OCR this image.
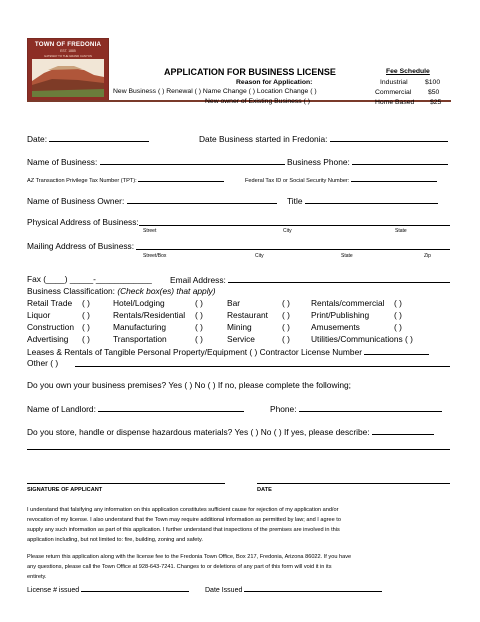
TOWN OF FREDONIA
EST. 1885
GATEWAY TO THE GRAND CANYON
APPLICATION FOR BUSINESS LICENSE
Reason for Application:
New Business ( ) Renewal ( ) Name Change ( ) Location Change ( )
New owner of Existing Business ( )
Fee Schedule
Industrial	$100
Commercial $50
Home Based $25
Date:	Date Business started in Fredonia:
Name of Business:	Business Phone:
AZ Transaction Privilege Tax Number (TPT):	Federal Tax ID or Social Security Number:
Name of Business Owner:	Title
Physical Address of Business:
Street	City	State
Mailing Address of Business:
Street/Box	City	State	Zip
Fax (____) _____-____________ Email Address:
Business Classification: (Check box(es) that apply)
Retail Trade ( )	Hotel/Lodging	( )	Bar	( )	Rentals/commercial ( )
Liquor	( )	Rentals/Residential ( )	Restaurant ( )	Print/Publishing	( )
Construction ( )	Manufacturing	( )	Mining	( )	Amusements	( )
Advertising ( )	Transportation	( )	Service	( )	Utilities/Communications ( )
Leases & Rentals of Tangible Personal Property/Equipment ( ) Contractor License Number
Other ( )
Do you own your business premises? Yes ( ) No ( ) If no, please complete the following;
Name of Landlord:	Phone:
Do you store, handle or dispense hazardous materials? Yes ( ) No ( ) If yes, please describe:
SIGNATURE OF APPLICANT	DATE
I understand that falsifying any information on this application constitutes sufficient cause for rejection of my application and/or
revocation of my license. I also understand that the Town may require additional information as permitted by law; and I agree to
supply any such information as part of this application. I further understand that inspections of the premises are involved in this
application including, but not limited to: fire, building, zoning and safety.
Please return this application along with the license fee to the Fredonia Town Office, Box 217, Fredonia, Arizona 86022. If you have
any questions, please call the Town Office at 928-643-7241. Changes to or deletions of any part of this form will void it in its
entirety.
License # issued	Date Issued
